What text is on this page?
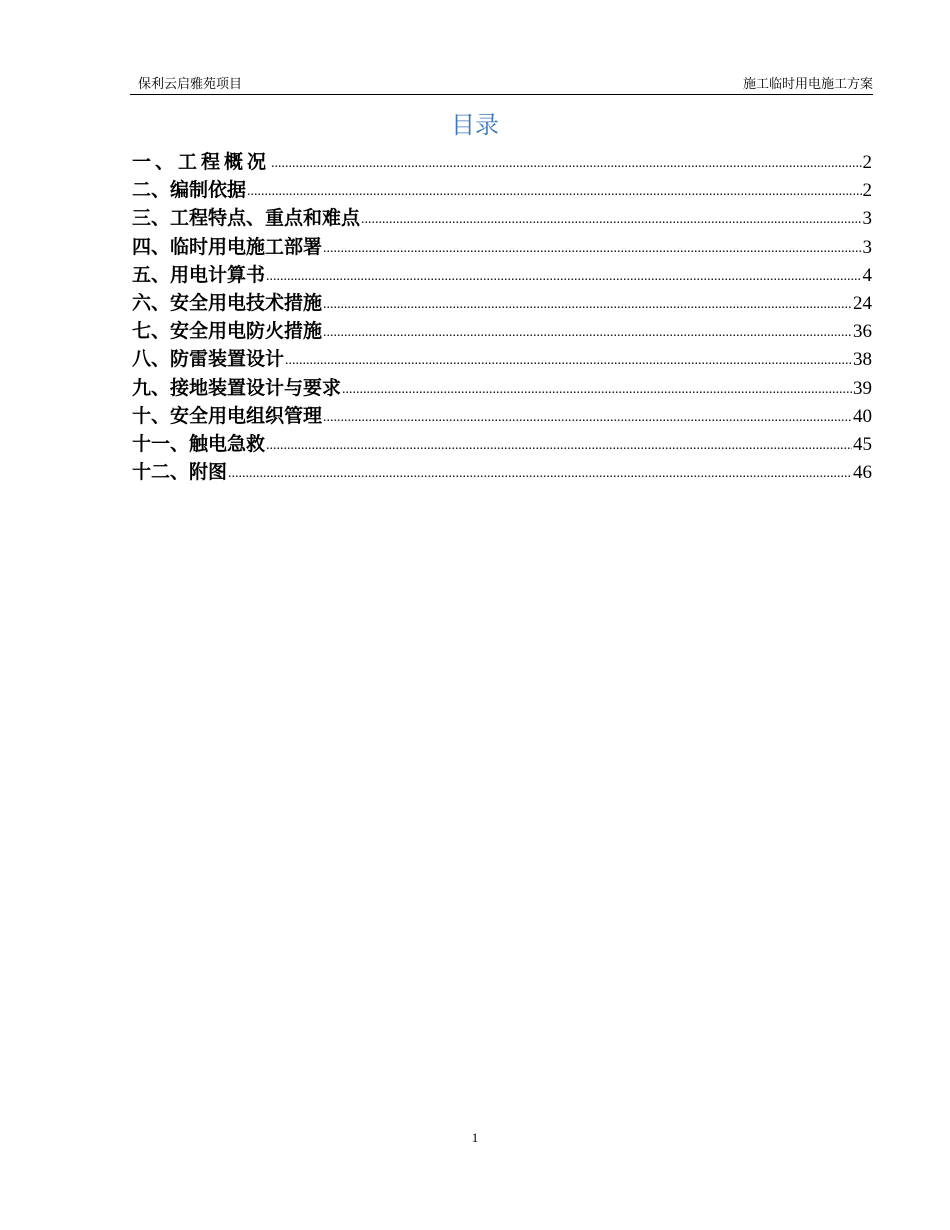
保利云启雅苑项目	施工临时用电施工方案
目录
一、工程概况 .....	2
二、编制依据 .....	2
三、工程特点、重点和难点 .....	3
四、临时用电施工部署 .....	3
五、用电计算书 .....	4
六、安全用电技术措施 .....	24
七、安全用电防火措施 .....	36
八、防雷装置设计 .....	38
九、接地装置设计与要求 .....	39
十、安全用电组织管理 .....	40
十一、触电急救 .....	45
十二、附图 .....	46
1
